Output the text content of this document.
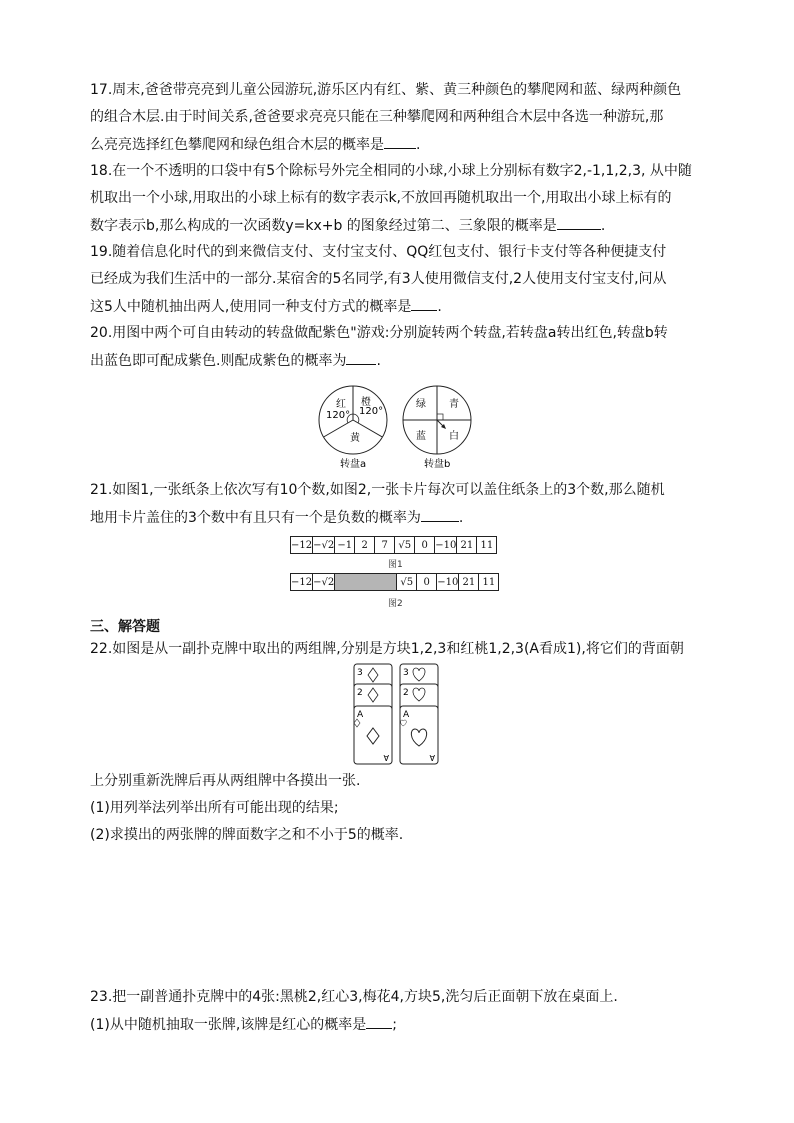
17.周末,爸爸带亮亮到儿童公园游玩,游乐区内有红、紫、黄三种颜色的攀爬网和蓝、绿两种颜色
的组合木层.由于时间关系,爸爸要求亮亮只能在三种攀爬网和两种组合木层中各选一种游玩,那
么亮亮选择红色攀爬网和绿色组合木层的概率是 .
18.在一个不透明的口袋中有5个除标号外完全相同的小球,小球上分别标有数字2,-1,1,2,3, 从中随
机取出一个小球,用取出的小球上标有的数字表示k,不放回再随机取出一个,用取出小球上标有的
数字表示b,那么构成的一次函数y=kx+b 的图象经过第二、三象限的概率是	.
19.随着信息化时代的到来微信支付、支付宝支付、QQ红包支付、银行卡支付等各种便捷支付
已经成为我们生活中的一部分.某宿舍的5名同学,有3人使用微信支付,2人使用支付宝支付,问从
这5人中随机抽出两人,使用同一种支付方式的概率是 .
20.用图中两个可自由转动的转盘做配紫色"游戏:分别旋转两个转盘,若转盘a转出红色,转盘b转
出蓝色即可配成紫色.则配成紫色的概率为 .
红
120°
橙
120°
黄
转盘a
绿 青
蓝 白
转盘b
21.如图1,一张纸条上依次写有10个数,如图2,一张卡片每次可以盖住纸条上的3个数,那么随机
地用卡片盖住的3个数中有且只有一个是负数的概率为	.
−12	−√2	−1	2	7	√5	0	−10	21	11
图1
−12	−√2		√5	0	−10	21	11
图2
三、解答题
22.如图是从一副扑克牌中取出的两组牌,分别是方块1,2,3和红桃1,2,3(A看成1),将它们的背面朝
3
2
A
A
3
2
A
A
上分别重新洗牌后再从两组牌中各摸出一张.
(1)用列举法列举出所有可能出现的结果;
(2)求摸出的两张牌的牌面数字之和不小于5的概率.
23.把一副普通扑克牌中的4张:黑桃2,红心3,梅花4,方块5,洗匀后正面朝下放在桌面上.
(1)从中随机抽取一张牌,该牌是红心的概率是 ;
